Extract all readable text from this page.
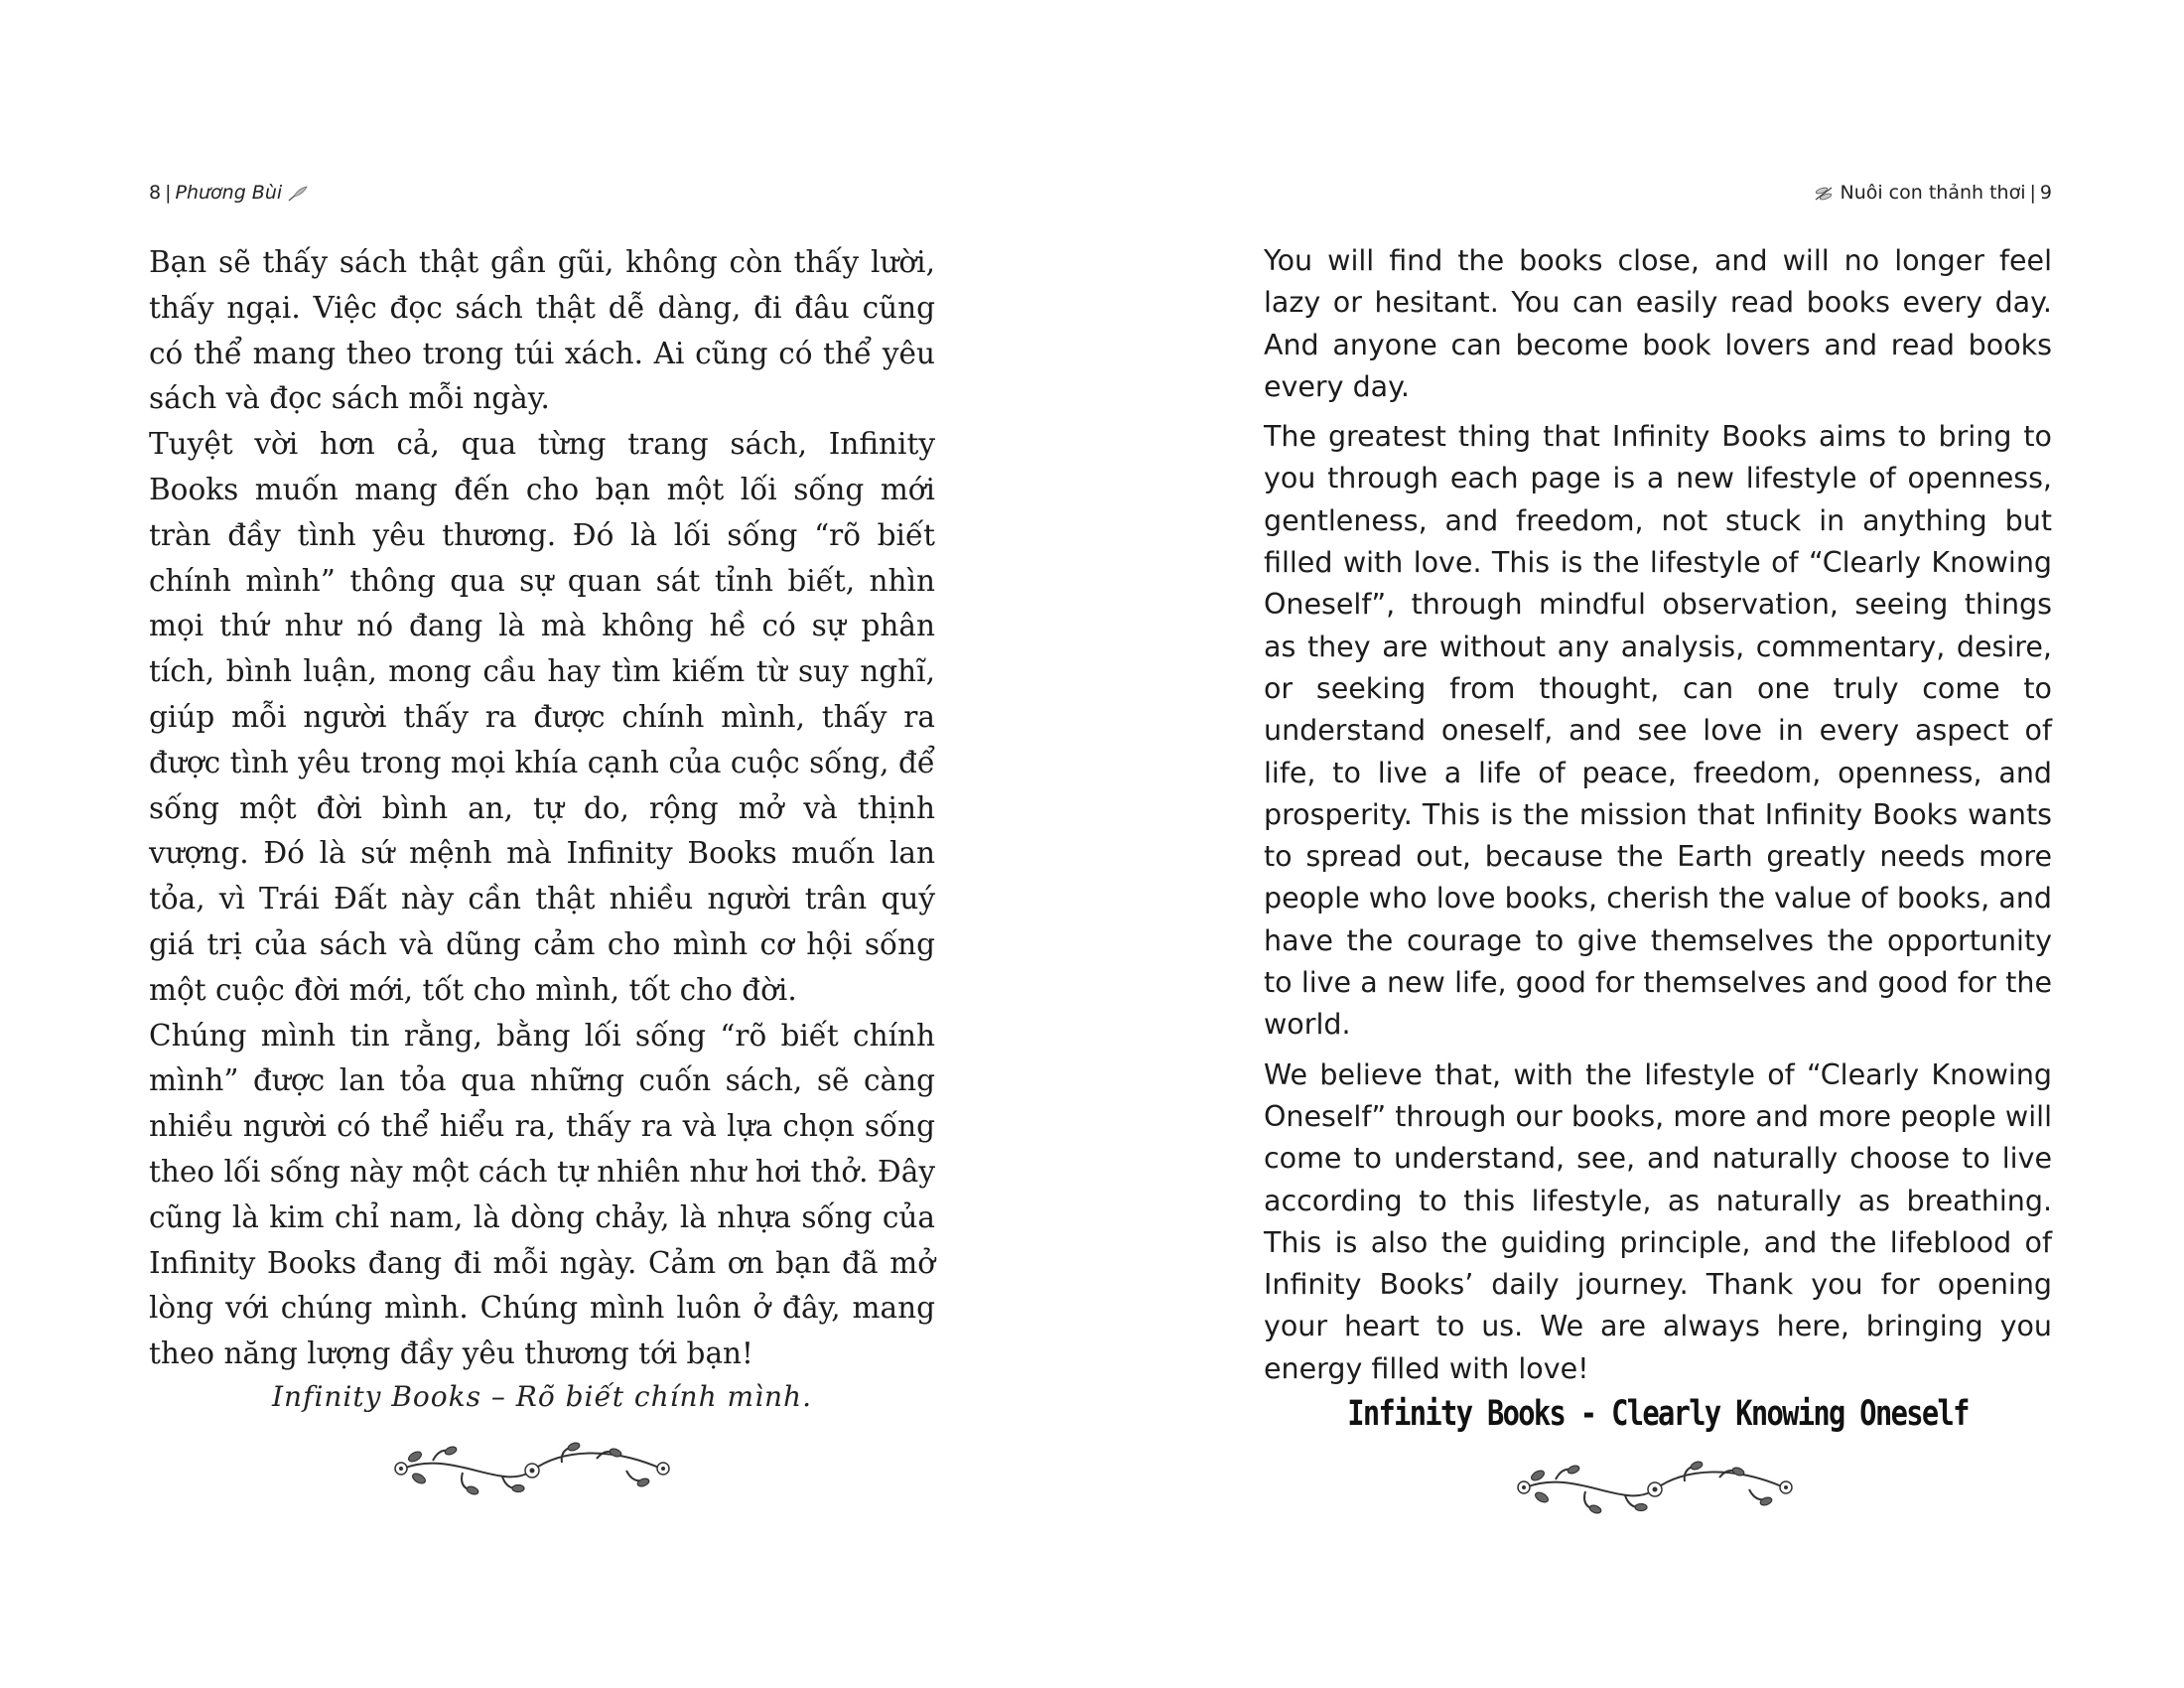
8 | Phương Bùi

Bạn sẽ thấy sách thật gần gũi, không còn thấy lười, thấy ngại. Việc đọc sách thật dễ dàng, đi đâu cũng có thể mang theo trong túi xách. Ai cũng có thể yêu sách và đọc sách mỗi ngày.

Tuyệt vời hơn cả, qua từng trang sách, Infinity Books muốn mang đến cho bạn một lối sống mới tràn đầy tình yêu thương. Đó là lối sống “rõ biết chính mình” thông qua sự quan sát tỉnh biết, nhìn mọi thứ như nó đang là mà không hề có sự phân tích, bình luận, mong cầu hay tìm kiếm từ suy nghĩ, giúp mỗi người thấy ra được chính mình, thấy ra được tình yêu trong mọi khía cạnh của cuộc sống, để sống một đời bình an, tự do, rộng mở và thịnh vượng. Đó là sứ mệnh mà Infinity Books muốn lan tỏa, vì Trái Đất này cần thật nhiều người trân quý giá trị của sách và dũng cảm cho mình cơ hội sống một cuộc đời mới, tốt cho mình, tốt cho đời.

Chúng mình tin rằng, bằng lối sống “rõ biết chính mình” được lan tỏa qua những cuốn sách, sẽ càng nhiều người có thể hiểu ra, thấy ra và lựa chọn sống theo lối sống này một cách tự nhiên như hơi thở. Đây cũng là kim chỉ nam, là dòng chảy, là nhựa sống của Infinity Books đang đi mỗi ngày. Cảm ơn bạn đã mở lòng với chúng mình. Chúng mình luôn ở đây, mang theo năng lượng đầy yêu thương tới bạn!

Infinity Books – Rõ biết chính mình.
Nuôi con thảnh thơi | 9

You will find the books close, and will no longer feel lazy or hesitant. You can easily read books every day. And anyone can become book lovers and read books every day.

The greatest thing that Infinity Books aims to bring to you through each page is a new lifestyle of openness, gentleness, and freedom, not stuck in anything but filled with love. This is the lifestyle of “Clearly Knowing Oneself”, through mindful observation, seeing things as they are without any analysis, commentary, desire, or seeking from thought, can one truly come to understand oneself, and see love in every aspect of life, to live a life of peace, freedom, openness, and prosperity. This is the mission that Infinity Books wants to spread out, because the Earth greatly needs more people who love books, cherish the value of books, and have the courage to give themselves the opportunity to live a new life, good for themselves and good for the world.

We believe that, with the lifestyle of “Clearly Knowing Oneself” through our books, more and more people will come to understand, see, and naturally choose to live according to this lifestyle, as naturally as breathing. This is also the guiding principle, and the lifeblood of Infinity Books’ daily journey. Thank you for opening your heart to us. We are always here, bringing you energy filled with love!

Infinity Books - Clearly Knowing Oneself
